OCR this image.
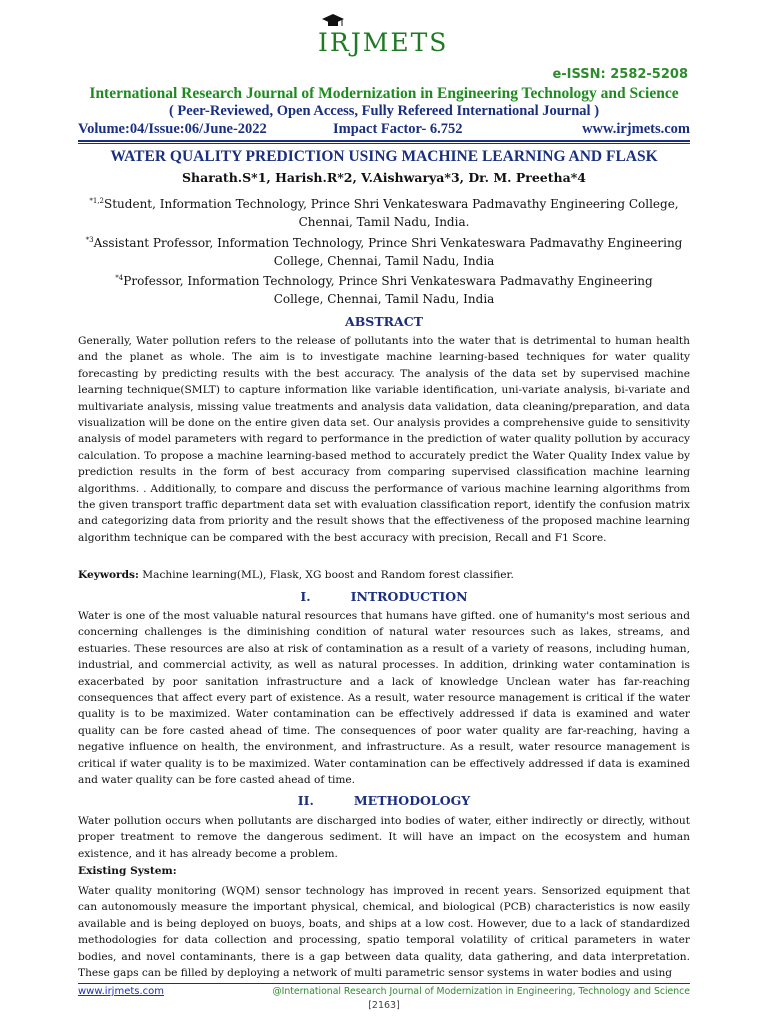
IRJMETS
e-ISSN: 2582-5208
International Research Journal of Modernization in Engineering Technology and Science
( Peer-Reviewed, Open Access, Fully Refereed International Journal )
Volume:04/Issue:06/June-2022	Impact Factor- 6.752	www.irjmets.com
WATER QUALITY PREDICTION USING MACHINE LEARNING AND FLASK
Sharath.S*1, Harish.R*2, V.Aishwarya*3, Dr. M. Preetha*4
$^{*1,2}$Student, Information Technology, Prince Shri Venkateswara Padmavathy Engineering College,
Chennai, Tamil Nadu, India.
$^{*3}$Assistant Professor, Information Technology, Prince Shri Venkateswara Padmavathy Engineering
College, Chennai, Tamil Nadu, India
$^{*4}$Professor, Information Technology, Prince Shri Venkateswara Padmavathy Engineering
College, Chennai, Tamil Nadu, India
ABSTRACT

Generally, Water pollution refers to the release of pollutants into the water that is detrimental to human health and the planet as whole. The aim is to investigate machine learning-based techniques for water quality forecasting by predicting results with the best accuracy. The analysis of the data set by supervised machine learning technique(SMLT) to capture information like variable identification, uni-variate analysis, bi-variate and multivariate analysis, missing value treatments and analysis data validation, data cleaning/preparation, and data visualization will be done on the entire given data set. Our analysis provides a comprehensive guide to sensitivity analysis of model parameters with regard to performance in the prediction of water quality pollution by accuracy calculation. To propose a machine learning-based method to accurately predict the Water Quality Index value by prediction results in the form of best accuracy from comparing supervised classification machine learning algorithms. . Additionally, to compare and discuss the performance of various machine learning algorithms from the given transport traffic department data set with evaluation classification report, identify the confusion matrix and categorizing data from priority and the result shows that the effectiveness of the proposed machine learning algorithm technique can be compared with the best accuracy with precision, Recall and F1 Score.

Keywords: Machine learning(ML), Flask, XG boost and Random forest classifier.
I.	INTRODUCTION

Water is one of the most valuable natural resources that humans have gifted. one of humanity's most serious and concerning challenges is the diminishing condition of natural water resources such as lakes, streams, and estuaries. These resources are also at risk of contamination as a result of a variety of reasons, including human, industrial, and commercial activity, as well as natural processes. In addition, drinking water contamination is exacerbated by poor sanitation infrastructure and a lack of knowledge Unclean water has far-reaching consequences that affect every part of existence. As a result, water resource management is critical if the water quality is to be maximized. Water contamination can be effectively addressed if data is examined and water quality can be fore casted ahead of time. The consequences of poor water quality are far-reaching, having a negative influence on health, the environment, and infrastructure. As a result, water resource management is critical if water quality is to be maximized. Water contamination can be effectively addressed if data is examined and water quality can be fore casted ahead of time.

II.	METHODOLOGY

Water pollution occurs when pollutants are discharged into bodies of water, either indirectly or directly, without proper treatment to remove the dangerous sediment. It will have an impact on the ecosystem and human existence, and it has already become a problem.

Existing System:

Water quality monitoring (WQM) sensor technology has improved in recent years. Sensorized equipment that can autonomously measure the important physical, chemical, and biological (PCB) characteristics is now easily available and is being deployed on buoys, boats, and ships at a low cost. However, due to a lack of standardized methodologies for data collection and processing, spatio temporal volatility of critical parameters in water bodies, and novel contaminants, there is a gap between data quality, data gathering, and data interpretation. These gaps can be filled by deploying a network of multi parametric sensor systems in water bodies and using

www.irjmets.com	@International Research Journal of Modernization in Engineering, Technology and Science
[2163]
